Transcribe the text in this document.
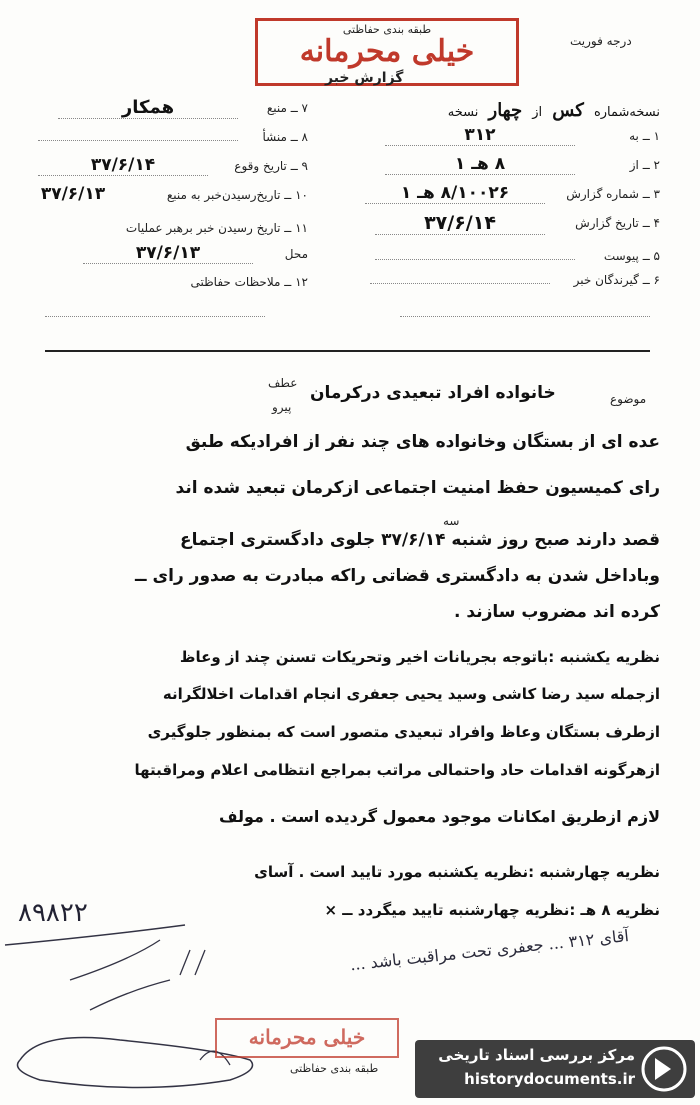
درجه فوریت
طبقه بندی حفاظتی
خیلی محرمانه
گزارش خبر
نسخه‌شماره کس از چهار نسخه
۱ ــ به
۳۱۲
۲ ــ از
۸ هـ ۱
۳ ــ شماره گزارش
۸/۱۰۰۲۶ هـ ۱
۴ ــ تاریخ گزارش
۳۷/۶/۱۴
۵ ــ پیوست
۶ ــ گیرندگان خبر
۷ ــ منبع
همکار
۸ ــ منشأ
۹ ــ تاریخ وقوع
۳۷/۶/۱۴
۱۰ ــ تاریخ‌رسیدن‌خبر به منبع
۳۷/۶/۱۳
۱۱ ــ تاریخ رسیدن خبر برهبر عملیات
محل
۳۷/۶/۱۳
۱۲ ــ ملاحظات حفاظتی
موضوع
خانواده افراد تبعیدی درکرمان
عطف
پیرو
عده ای از بستگان وخانواده های چند نفر از افرادیکه طبق
رای کمیسیون حفظ امنیت اجتماعی ازکرمان تبعید شده اند
سه
قصد دارند صبح روز شنبه ۳۷/۶/۱۴ جلوی دادگستری اجتماع
وباداخل شدن به دادگستری قضاتی راکه مبادرت به صدور رای ــ
کرده اند مضروب سازند .
نظریه یکشنبه :باتوجه بجریانات اخیر وتحریکات تسنن چند از وعاظ
ازجمله سید رضا کاشی وسید یحیی جعفری انجام اقدامات اخلالگرانه
ازطرف بستگان وعاظ وافراد تبعیدی متصور است که بمنظور جلوگیری
ازهرگونه اقدامات حاد واحتمالی مراتب بمراجع انتظامی اعلام ومراقبتها
لازم ازطریق امکانات موجود معمول گردیده است . مولف
نظریه چهارشنبه :نظریه یکشنبه مورد تایید است . آسای
نظریه ۸ هـ :نظریه چهارشنبه تایید میگردد ــ ×
۸۹۸۲۲
آقای ۳۱۲ ... جعفری تحت مراقبت باشد ...
خیلی محرمانه
طبقه بندی حفاظتی
مرکز بررسی اسناد تاریخی
historydocuments.ir
